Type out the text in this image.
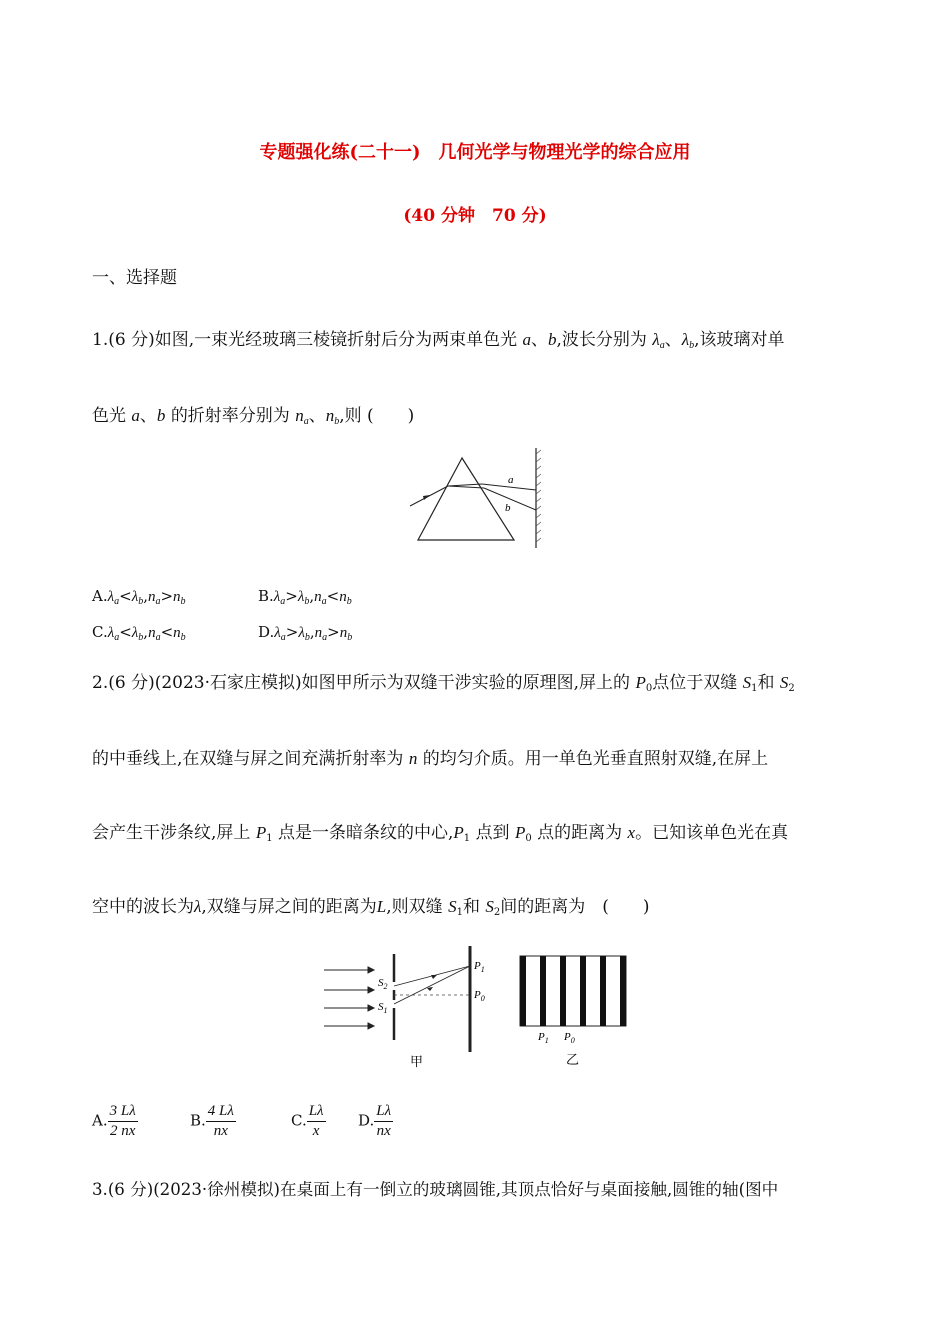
专题强化练(二十一)　几何光学与物理光学的综合应用
(40 分钟　70 分)
一、选择题
1.(6 分)如图,一束光经玻璃三棱镜折射后分为两束单色光 a、b,波长分别为 $\lambda_a$、$\lambda_b$,该玻璃对单
色光 a、b 的折射率分别为 $n_a$、$n_b$,则 (　　)
a
b
$A.\lambda_a<\lambda_b,n_a>n_b$	$B.\lambda_a>\lambda_b,n_a<n_b$
$C.\lambda_a<\lambda_b,n_a<n_b$	$D.\lambda_a>\lambda_b,n_a>n_b$
2.(6 分)(2023·石家庄模拟)如图甲所示为双缝干涉实验的原理图,屏上的 $P_0$点位于双缝 $S_1$和 $S_2$
的中垂线上,在双缝与屏之间充满折射率为 n 的均匀介质。用一单色光垂直照射双缝,在屏上
会产生干涉条纹,屏上 $P_1$ 点是一条暗条纹的中心$,P_1$ 点到 $P_0$ 点的距离为 x。已知该单色光在真
空中的波长为λ,双缝与屏之间的距离为L,则双缝 $S_1$和 $S_2$间的距离为　(　　)
$P_1$
$P_0$
$S_2$
$S_1$
甲
$P_1$ $P_0$
乙
A. $\frac{3 L\lambda}{2 nx}$	B. $\frac{4 L\lambda}{nx}$	C. $\frac{L\lambda}{x} D$. $\frac{L\lambda}{nx}$
3.(6 分)(2023·徐州模拟)在桌面上有一倒立的玻璃圆锥,其顶点恰好与桌面接触,圆锥的轴(图中
